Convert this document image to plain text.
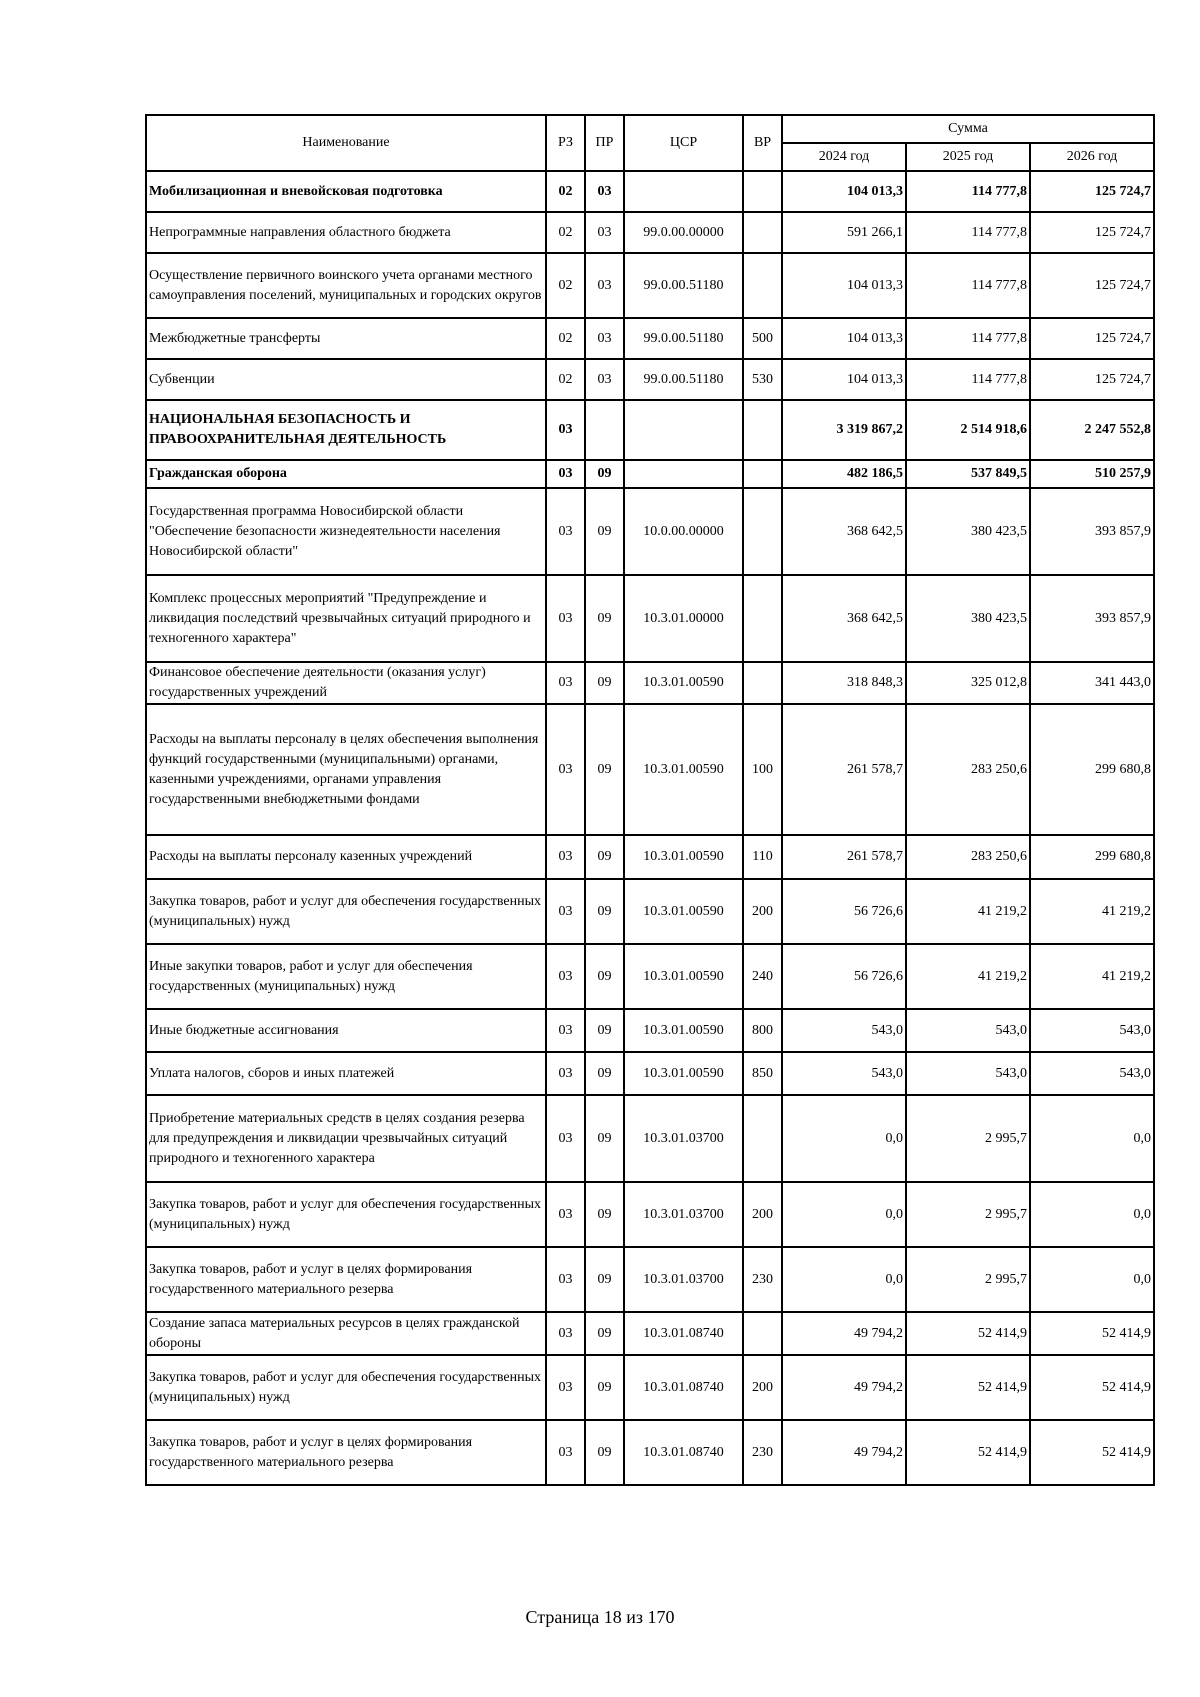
Наименование	РЗ	ПР	ЦСР	ВР	Сумма		
					2024 год	2025 год	2026 год
Мобилизационная и вневойсковая подготовка	02	03			104 013,3	114 777,8	125 724,7
Непрограммные направления областного бюджета	02	03	99.0.00.00000		591 266,1	114 777,8	125 724,7
Осуществление первичного воинского учета органами местного самоуправления поселений, муниципальных и городских округов	02	03	99.0.00.51180		104 013,3	114 777,8	125 724,7
Межбюджетные трансферты	02	03	99.0.00.51180	500	104 013,3	114 777,8	125 724,7
Субвенции	02	03	99.0.00.51180	530	104 013,3	114 777,8	125 724,7
НАЦИОНАЛЬНАЯ БЕЗОПАСНОСТЬ И ПРАВООХРАНИТЕЛЬНАЯ ДЕЯТЕЛЬНОСТЬ	03				3 319 867,2	2 514 918,6	2 247 552,8
Гражданская оборона	03	09			482 186,5	537 849,5	510 257,9
Государственная программа Новосибирской области "Обеспечение безопасности жизнедеятельности населения Новосибирской области"	03	09	10.0.00.00000		368 642,5	380 423,5	393 857,9
Комплекс процессных мероприятий "Предупреждение и ликвидация последствий чрезвычайных ситуаций природного и техногенного характера"	03	09	10.3.01.00000		368 642,5	380 423,5	393 857,9
Финансовое обеспечение деятельности (оказания услуг) государственных учреждений	03	09	10.3.01.00590		318 848,3	325 012,8	341 443,0
Расходы на выплаты персоналу в целях обеспечения выполнения функций государственными (муниципальными) органами, казенными учреждениями, органами управления государственными внебюджетными фондами	03	09	10.3.01.00590	100	261 578,7	283 250,6	299 680,8
Расходы на выплаты персоналу казенных учреждений	03	09	10.3.01.00590	110	261 578,7	283 250,6	299 680,8
Закупка товаров, работ и услуг для обеспечения государственных (муниципальных) нужд	03	09	10.3.01.00590	200	56 726,6	41 219,2	41 219,2
Иные закупки товаров, работ и услуг для обеспечения государственных (муниципальных) нужд	03	09	10.3.01.00590	240	56 726,6	41 219,2	41 219,2
Иные бюджетные ассигнования	03	09	10.3.01.00590	800	543,0	543,0	543,0
Уплата налогов, сборов и иных платежей	03	09	10.3.01.00590	850	543,0	543,0	543,0
Приобретение материальных средств в целях создания резерва для предупреждения и ликвидации чрезвычайных ситуаций природного и техногенного характера	03	09	10.3.01.03700		0,0	2 995,7	0,0
Закупка товаров, работ и услуг для обеспечения государственных (муниципальных) нужд	03	09	10.3.01.03700	200	0,0	2 995,7	0,0
Закупка товаров, работ и услуг в целях формирования государственного материального резерва	03	09	10.3.01.03700	230	0,0	2 995,7	0,0
Создание запаса материальных ресурсов в целях гражданской обороны	03	09	10.3.01.08740		49 794,2	52 414,9	52 414,9
Закупка товаров, работ и услуг для обеспечения государственных (муниципальных) нужд	03	09	10.3.01.08740	200	49 794,2	52 414,9	52 414,9
Закупка товаров, работ и услуг в целях формирования государственного материального резерва	03	09	10.3.01.08740	230	49 794,2	52 414,9	52 414,9
Страница 18 из 170
